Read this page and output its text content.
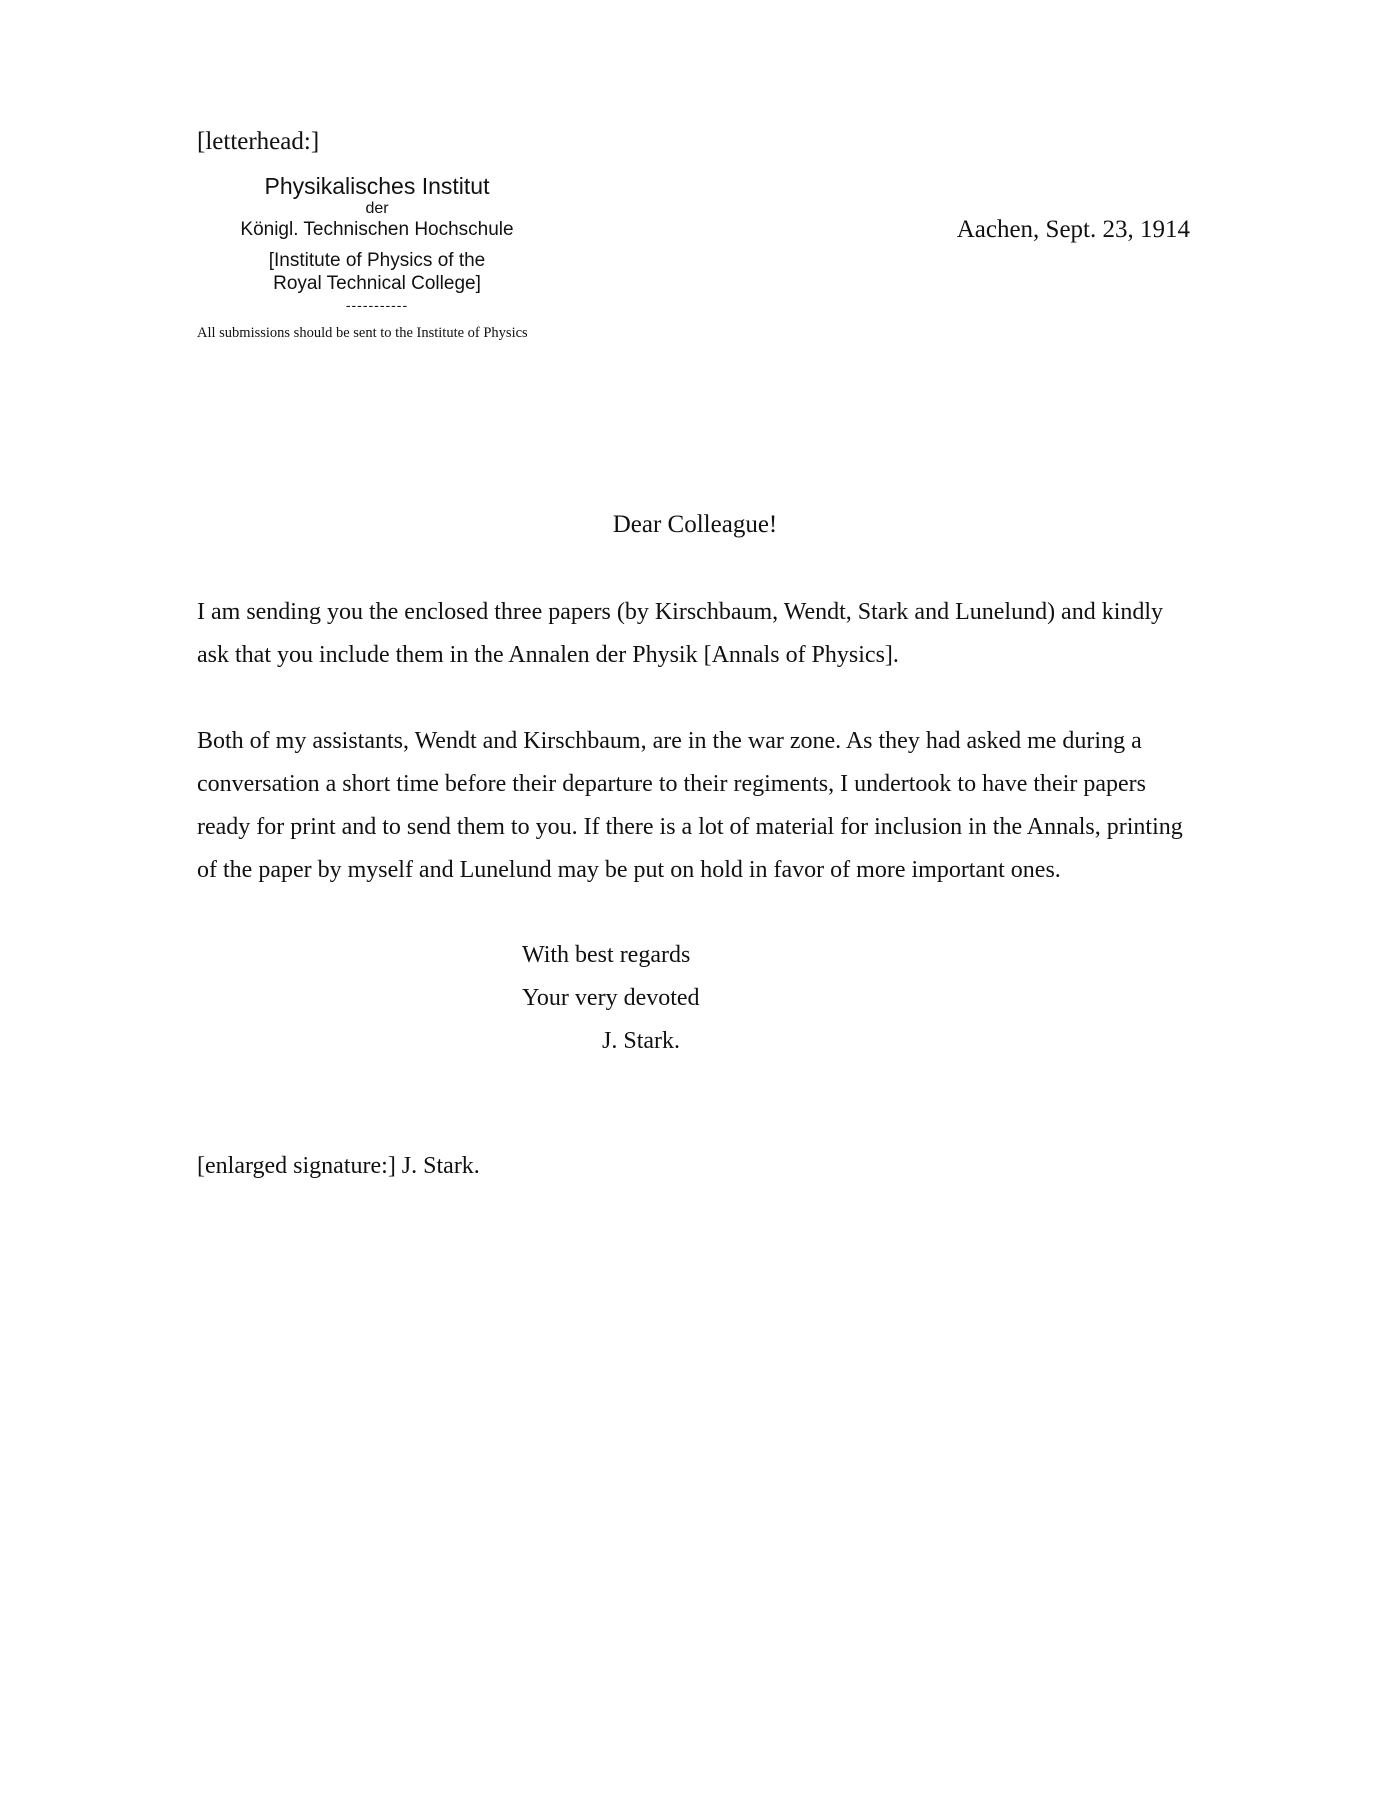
[letterhead:]
Physikalisches Institut
der
Königl. Technischen Hochschule
[Institute of Physics of the
Royal Technical College]
-----------
All submissions should be sent to the Institute of Physics
Aachen, Sept. 23, 1914
Dear Colleague!
I am sending you the enclosed three papers (by Kirschbaum, Wendt, Stark and Lunelund) and kindly ask that you include them in the Annalen der Physik [Annals of Physics].
Both of my assistants, Wendt and Kirschbaum, are in the war zone. As they had asked me during a conversation a short time before their departure to their regiments, I undertook to have their papers ready for print and to send them to you. If there is a lot of material for inclusion in the Annals, printing of the paper by myself and Lunelund may be put on hold in favor of more important ones.
With best regards
Your very devoted
J. Stark.
[enlarged signature:] J. Stark.
